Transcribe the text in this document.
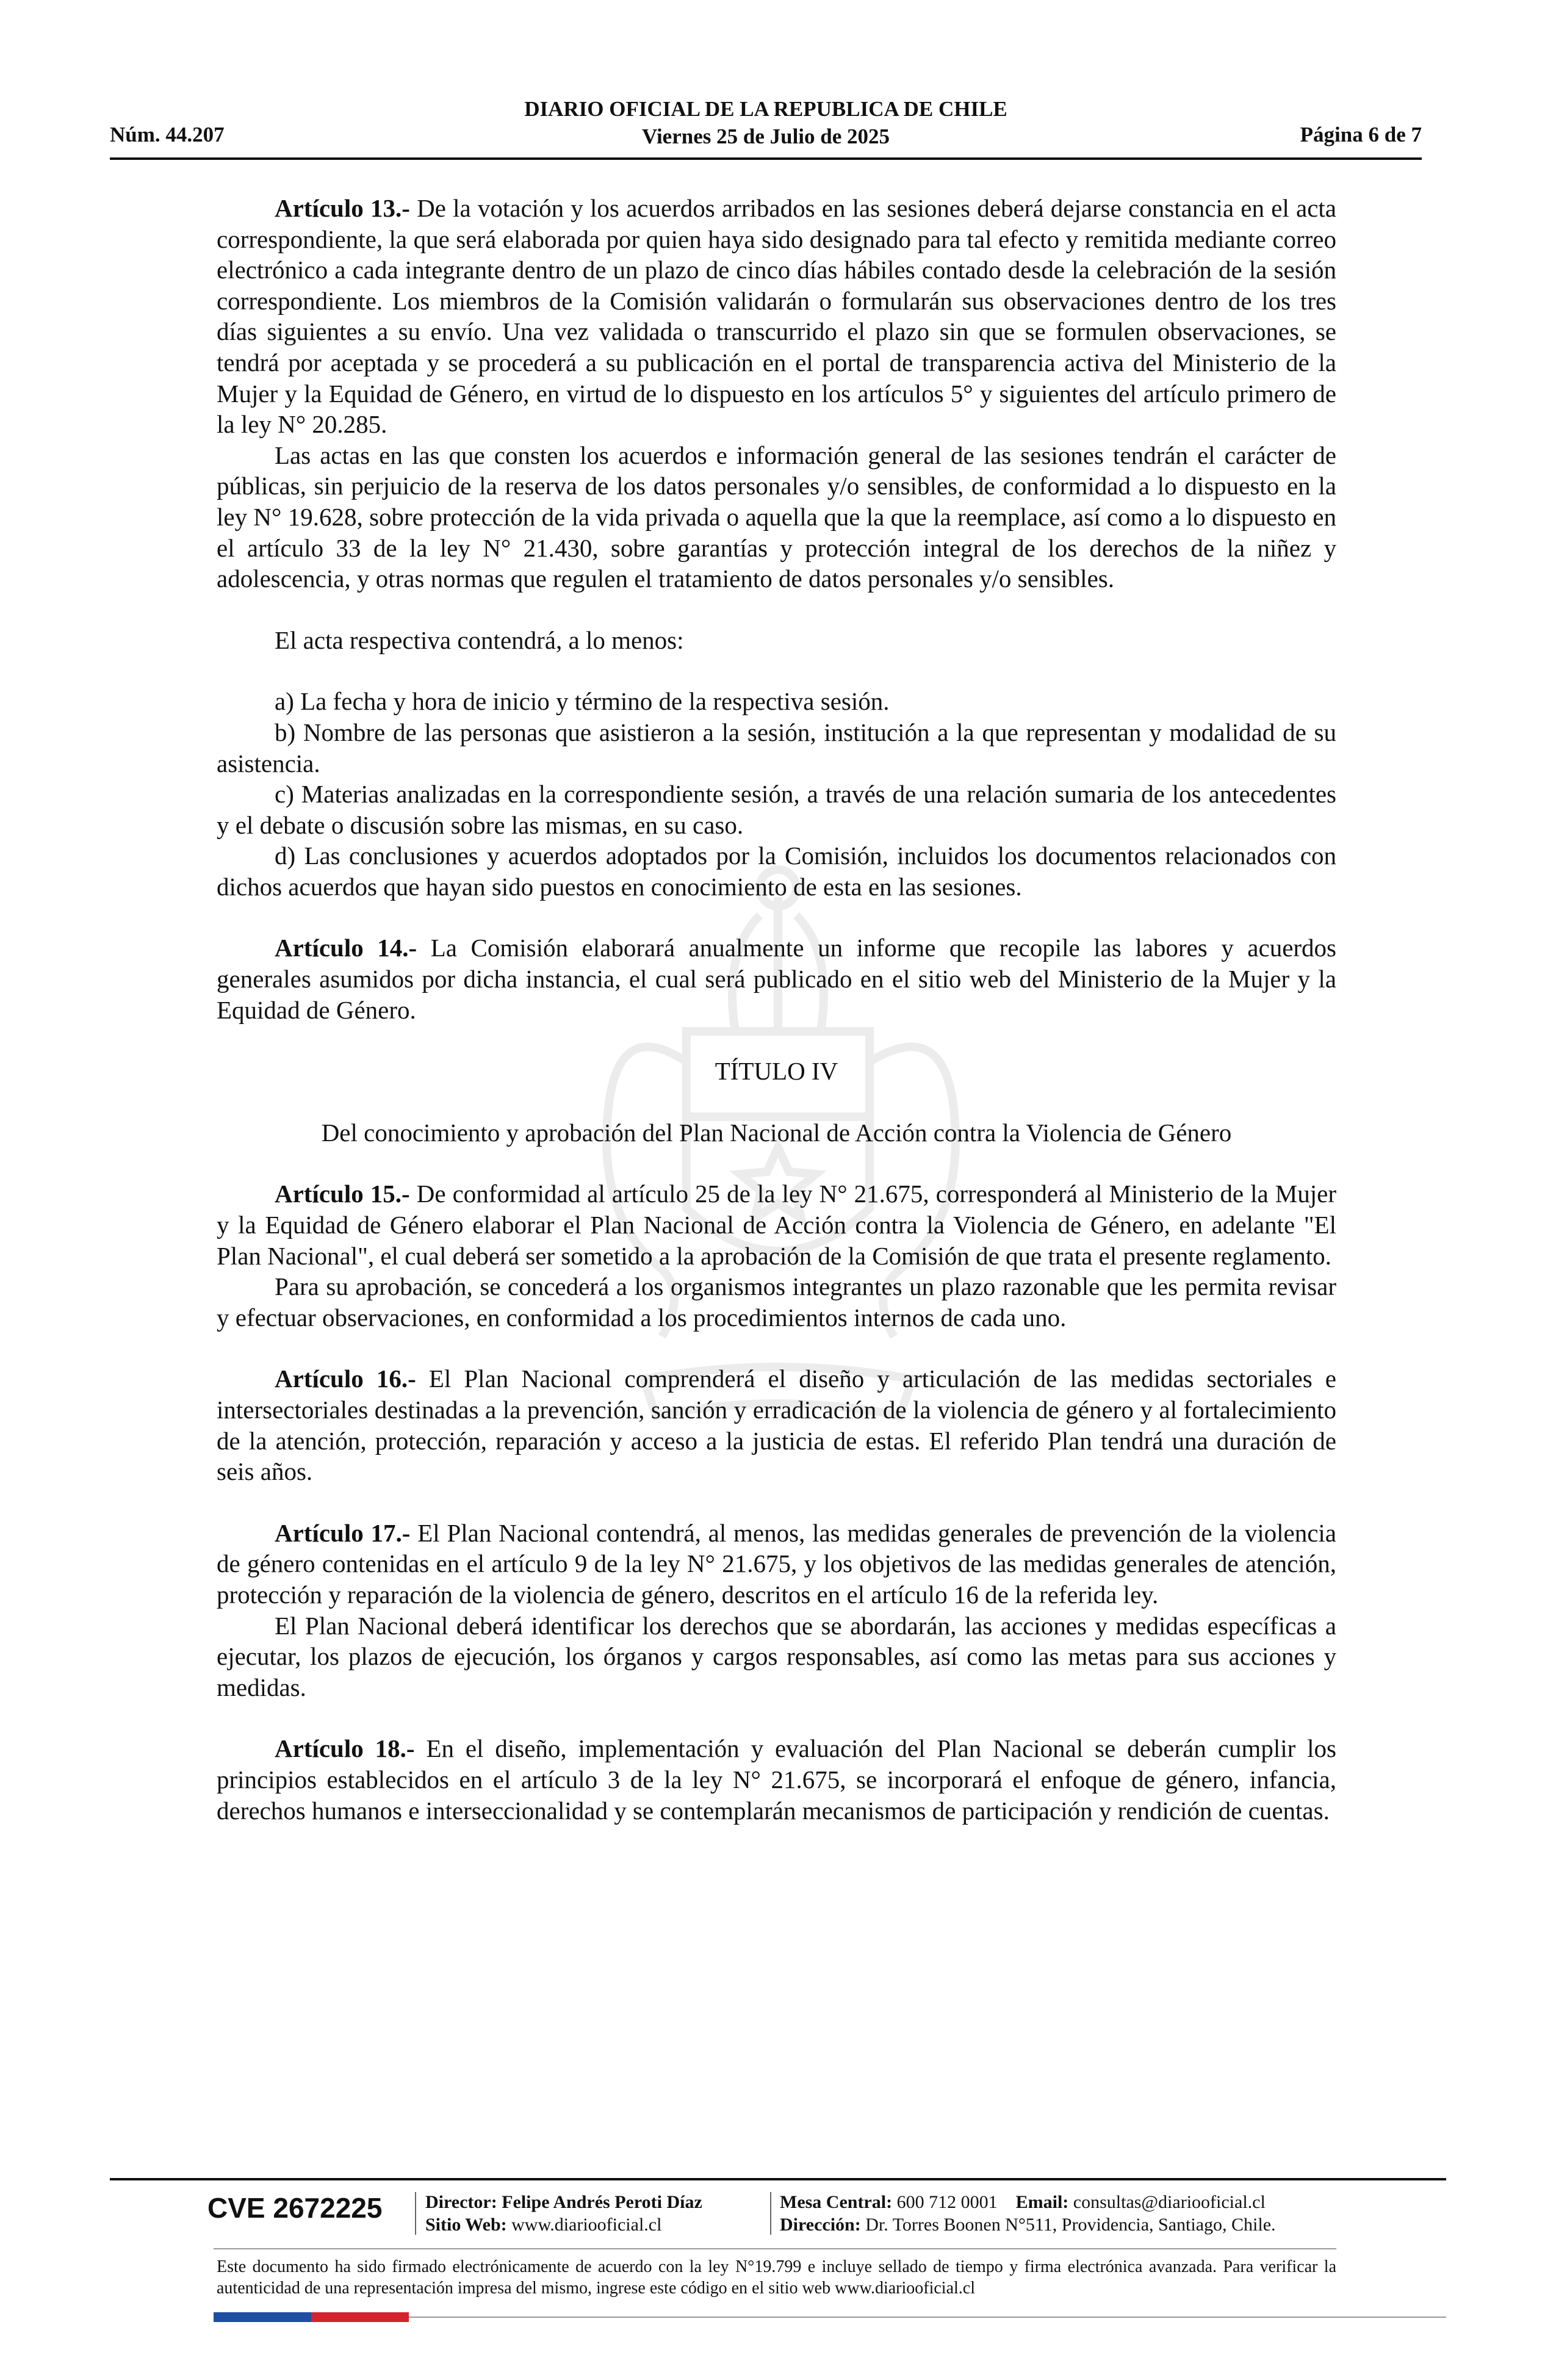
DIARIO OFICIAL DE LA REPUBLICA DE CHILE
Viernes 25 de Julio de 2025
Núm. 44.207	Página 6 de 7

Artículo 13.- De la votación y los acuerdos arribados en las sesiones deberá dejarse constancia en el acta correspondiente, la que será elaborada por quien haya sido designado para tal efecto y remitida mediante correo electrónico a cada integrante dentro de un plazo de cinco días hábiles contado desde la celebración de la sesión correspondiente. Los miembros de la Comisión validarán o formularán sus observaciones dentro de los tres días siguientes a su envío. Una vez validada o transcurrido el plazo sin que se formulen observaciones, se tendrá por aceptada y se procederá a su publicación en el portal de transparencia activa del Ministerio de la Mujer y la Equidad de Género, en virtud de lo dispuesto en los artículos 5° y siguientes del artículo primero de la ley N° 20.285.

Las actas en las que consten los acuerdos e información general de las sesiones tendrán el carácter de públicas, sin perjuicio de la reserva de los datos personales y/o sensibles, de conformidad a lo dispuesto en la ley N° 19.628, sobre protección de la vida privada o aquella que la que la reemplace, así como a lo dispuesto en el artículo 33 de la ley N° 21.430, sobre garantías y protección integral de los derechos de la niñez y adolescencia, y otras normas que regulen el tratamiento de datos personales y/o sensibles.

El acta respectiva contendrá, a lo menos:

a) La fecha y hora de inicio y término de la respectiva sesión.

b) Nombre de las personas que asistieron a la sesión, institución a la que representan y modalidad de su asistencia.

c) Materias analizadas en la correspondiente sesión, a través de una relación sumaria de los antecedentes y el debate o discusión sobre las mismas, en su caso.

d) Las conclusiones y acuerdos adoptados por la Comisión, incluidos los documentos relacionados con dichos acuerdos que hayan sido puestos en conocimiento de esta en las sesiones.

Artículo 14.- La Comisión elaborará anualmente un informe que recopile las labores y acuerdos generales asumidos por dicha instancia, el cual será publicado en el sitio web del Ministerio de la Mujer y la Equidad de Género.

TÍTULO IV

Del conocimiento y aprobación del Plan Nacional de Acción contra la Violencia de Género

Artículo 15.- De conformidad al artículo 25 de la ley N° 21.675, corresponderá al Ministerio de la Mujer y la Equidad de Género elaborar el Plan Nacional de Acción contra la Violencia de Género, en adelante "El Plan Nacional", el cual deberá ser sometido a la aprobación de la Comisión de que trata el presente reglamento.

Para su aprobación, se concederá a los organismos integrantes un plazo razonable que les permita revisar y efectuar observaciones, en conformidad a los procedimientos internos de cada uno.

Artículo 16.- El Plan Nacional comprenderá el diseño y articulación de las medidas sectoriales e intersectoriales destinadas a la prevención, sanción y erradicación de la violencia de género y al fortalecimiento de la atención, protección, reparación y acceso a la justicia de estas. El referido Plan tendrá una duración de seis años.

Artículo 17.- El Plan Nacional contendrá, al menos, las medidas generales de prevención de la violencia de género contenidas en el artículo 9 de la ley N° 21.675, y los objetivos de las medidas generales de atención, protección y reparación de la violencia de género, descritos en el artículo 16 de la referida ley.

El Plan Nacional deberá identificar los derechos que se abordarán, las acciones y medidas específicas a ejecutar, los plazos de ejecución, los órganos y cargos responsables, así como las metas para sus acciones y medidas.

Artículo 18.- En el diseño, implementación y evaluación del Plan Nacional se deberán cumplir los principios establecidos en el artículo 3 de la ley N° 21.675, se incorporará el enfoque de género, infancia, derechos humanos e interseccionalidad y se contemplarán mecanismos de participación y rendición de cuentas.

CVE 2672225 Director: Felipe Andrés Peroti Díaz
Sitio Web: www.diariooficial.cl
Mesa Central: 600 712 0001 Email: consultas@diariooficial.cl
Dirección: Dr. Torres Boonen N°511, Providencia, Santiago, Chile.
Este documento ha sido firmado electrónicamente de acuerdo con la ley N°19.799 e incluye sellado de tiempo y firma electrónica avanzada. Para verificar la autenticidad de una representación impresa del mismo, ingrese este código en el sitio web www.diariooficial.cl
